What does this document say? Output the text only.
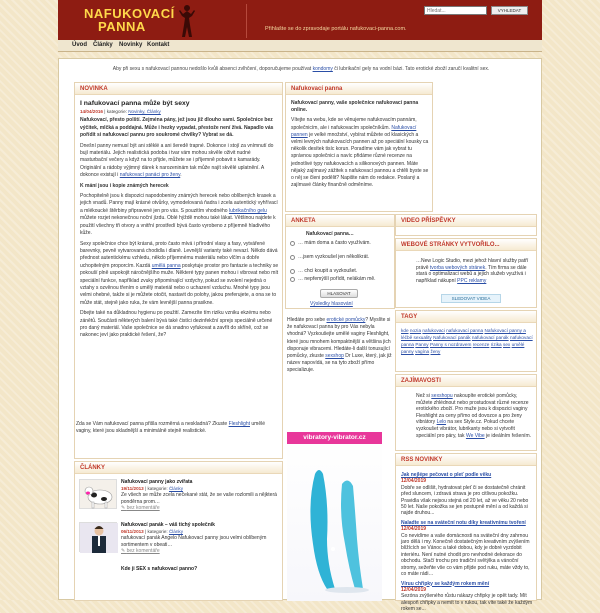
NAFUKOVACÍ
PANNA	Přihlašte se do zpravodaje portálu nafukovaci-panna.com.
Hledat...
VYHLEDAT
Úvod Články Novinky Kontakt
Aby při sexu s nafukovací pannou nedošlo kvůli absenci zvlhčení, doporučujeme používat kondomy či lubrikační gely na vodní bázi. Tato erotické zboží zaručí kvalitní sex.
NOVINKA
I nafukovací panna může být sexy
14/04/2016 | kategorie: Novinky, Články
Nafukovací, přesto polští. Zejména pány, jež jsou již dlouho sami. Společnice bez výčitek, mlčká a poddajná. Může i hezky vypadat, přestože není živá. Napadlo vás pořídit si nafukovací pannu pro soukromé chvilky? Vybrat se dá.
Dnešní panny nemusí být ani stěklé a ani šeredě trapné. Dokonce i stojí za vnímnutí do bují materiálu. Jejich realistická podoba i tvar vám mohou skvěle oživit nudné masturbační večery a když na to přijde, můžete se i příjemně pobavit s kamarády. Originální a rádoby výjimný dárek k narozeninám tak může najít skvělé uplatnění. A dokonce existují i nafukovací panáci pro ženy.
K mání jsou i kopie známých herecek
Pochopitelně jsou k dispozici napodobeniny známých herecek nebo oblíbených krasek a jejich vnadů. Panny mají krásné otvůrky, vymodelovaná ňadra i zcela autentický vyhřívací a mlékoucké štěrbiny připravené jen pro vás. S pouzitím vhodného lubrikačního gelu můžete rozjet nekonečnou noční jízdu. Oblé hýždě mohou také lákat. Většinou najdete k použití všechny tři otvory a vnitřní prostředí bývá často vyrobeno z příjemně hladivého kůže.
Sexy společnice chce být krásná, proto často mívá i přírodní vlasy a fasy, vytvářené barevnky, pevně vytvarovaná chodidla i dlaně. Levnější varianty také nevazí. Někdo dává přednost autentickému vzhledu, někdo příjemnému materiálu nebo vlčím a dobře uchopitelným proporcím. Kazdá umělá panna poskytuje prostor pro fantazie a techniky se pokouší plně uspokojit náročnějšího muže. Některé typy panen mohou i vibrovat nebo mít speciální funkce, například zvuky připomínající vzdychy, pokud se svolení nejedná o vztahy s ozvěnou třením o umělý materiál nebo o uchazení vzduchu. Mnohé typy jsou velmi ohebné, takže si je můžete otočit, nastavit do polohy, jakou preferujete, a ona se to může stát, stejně jako ruka, že vám levnější panna prasikne.
Dbejte také na důkladnou hygienu po použití. Zamezíte tím riziku vzniku ekzému nebo zánětů. Součásti některých balení bývá také čistíci dezinfekční sprejs speciálně určené pro daný materiál. Vaše společnice se dá snadno vyfukovat a zavřít do skříně, což se nakonec jeví jako praktické řešení, že?
Zda se Vám nafukovací panna přišla rozměrná a neskladná? Zkuste Fleshlight umělé vaginy, které jsou skladnější a minimálně stejně realistické.
ČLÁNKY
Nafukovací panny jako zvířata
19/11/2013 | kategorie: Články
Ze všech se může zcela nečekané stát, že se vaše rozlomili a nějkterá ponděrna prom…
✎ bez komentáře
Nafukovací panák – váš tichý společník
06/11/2013 | kategorie: Články
nafukovací panák Angelo Nafukovací panny jsou velmi oblíbeným sortimentem v obeati…
✎ bez komentáře
Kde ji SEX s nafukovací panno?
Nafukovací panna
Nafukovací panny, vaše společnice nafukovací panna online.
Vítejte na webu, kde se věnujeme nafukovacím pannám, společnicím, ale i nafukovacím společníkům. Nafukovací pannen je velké množství, vybírat můžete od klasických a velmi levných nafukovacích pannen až po speciální kousky ca několik desítek tisíc korun. Poradíme vám jak vybrat tu správnou společnici a navíc přidáme různé recenze na jednotlivé typy nafukovacích a silikonových pannen. Máte nějaký zajímavý zážitek s nafukovací pannou a chtěli byste se o něj se členi podělit? Napište nám do redakce. Poslaný a zajímavé články finančně odměníme.
ANKETA
Nafukovací panna…
… mám doma a často využívám.
…jsem vyzkoušel jen několikrát.
… chci koupit a vyzkoušet.
… nepřemýšlí pořídit, nelákám mě.
HLASOVAT
Výsledky hlasování
Hledáte pro sebe erotické pomůcky? Myslíte si že nafukovací panna by pro Vás nebyla vhodná? Vyzkoušejte umělé vaginy Fleshlight, které jsou mnohem kompaktnější a většina jich disponuje vibracemi. Hledáte-li další tonusující pomůcky, zkuste sexshop Dr Luxe, který, jak již název napovídá, se na tyto zboží přímo specializuje.
vibratory-vibrator.cz
VIDEO PŘÍSPĚVKY
WEBOVÉ STRÁNKY VYTVOŘILO...
…New Logic Studio, mezi jehož hlavní služby patří právě tvorba webových stránek. Tím firma se dále stará o optimalizaci webů a jejich služeb využívá i například nákupní PPC reklamy
SLEDOVAT VIDEA
TAGY
kde nozia nafukovaci nafukovací panna Nafukovací panny a léčbě sexuality Nafukovací panák nafukovací panák nafukovací panna Panny Panny s nozdravem recenze rizika sex umělé panny vagína ženy
ZAJÍMAVOSTI
Než si sexshopu nakoupíte erotické pomůcky, můžete zhlédnout nebo prostudovat různé recenze erotického zboží. Pro muže jsou k dispozici vaginy Fleshlight za ceny přímo od dovozce a pro ženy vibrátory Lelo na sex Style.cz. Pokud chcete vyzkoušet vibrátor, lubrikanty nebo si vytvořit speciální pro páry, tak We Vibe je ideálním řešením.
RSS NOVINKY
Jak nejlépe pečovat o pleť podle věku
12/04/2019
Dobře se odlišit, hydratovat pleť či se dostatečně chránit před sluncem, i zdravá strava je pro citlivou pokožku. Pravidla však nejsou stejná od 20 let, až ve věku 20 nebo 50 let. Naše pokožka se jen postupně mění a od každá si najde druhou...
Naladte se na sváteční notu díky kreativnímu tvoření
12/04/2019
Co nevidíme a vaše domácnosti na sváteční dny zahrnou jaro dělá i my. Konečně dostatečným kreativním zvýšením blížících se Vánoc a také dobou, kdy je dobré vyzdobit interiéru. Není nutné chodit pro nevhodné dekorace do obchodu. Stačí trochu pro tradiční světýlka a vánoční stromy, sežeňte vše co vám přijde pod ruku, máte vždy to, co máte rádi…
Víruu chřipky se každým rokem mění
12/04/2019
Sezóna zvýšeného růstu nákazy chřipky je opět tady. Mít alespoň chřipky a nemít to v rukou, tak víte také že každým rokem se...
